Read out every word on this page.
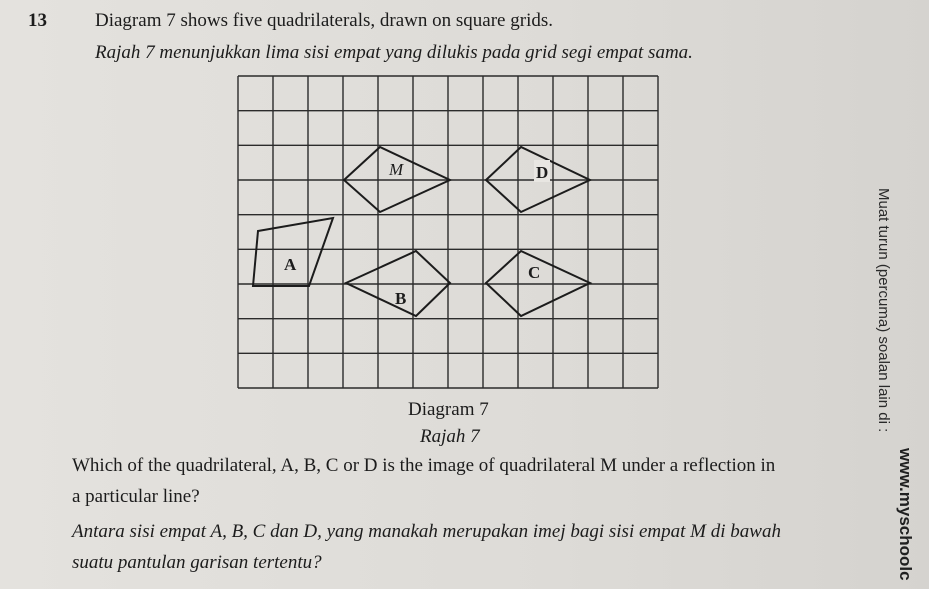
13	Diagram 7 shows five quadrilaterals, drawn on square grids.
Rajah 7 menunjukkan lima sisi empat yang dilukis pada grid segi empat sama.
M	D
A
B
C
Diagram 7
Rajah 7
Which of the quadrilateral, A, B, C or D is the image of quadrilateral M under a reflection in
a particular line?
Antara sisi empat A, B, C dan D, yang manakah merupakan imej bagi sisi empat M di bawah
suatu pantulan garisan tertentu?
Muat turun (percuma) soalan lain di :
www.myschoolc
